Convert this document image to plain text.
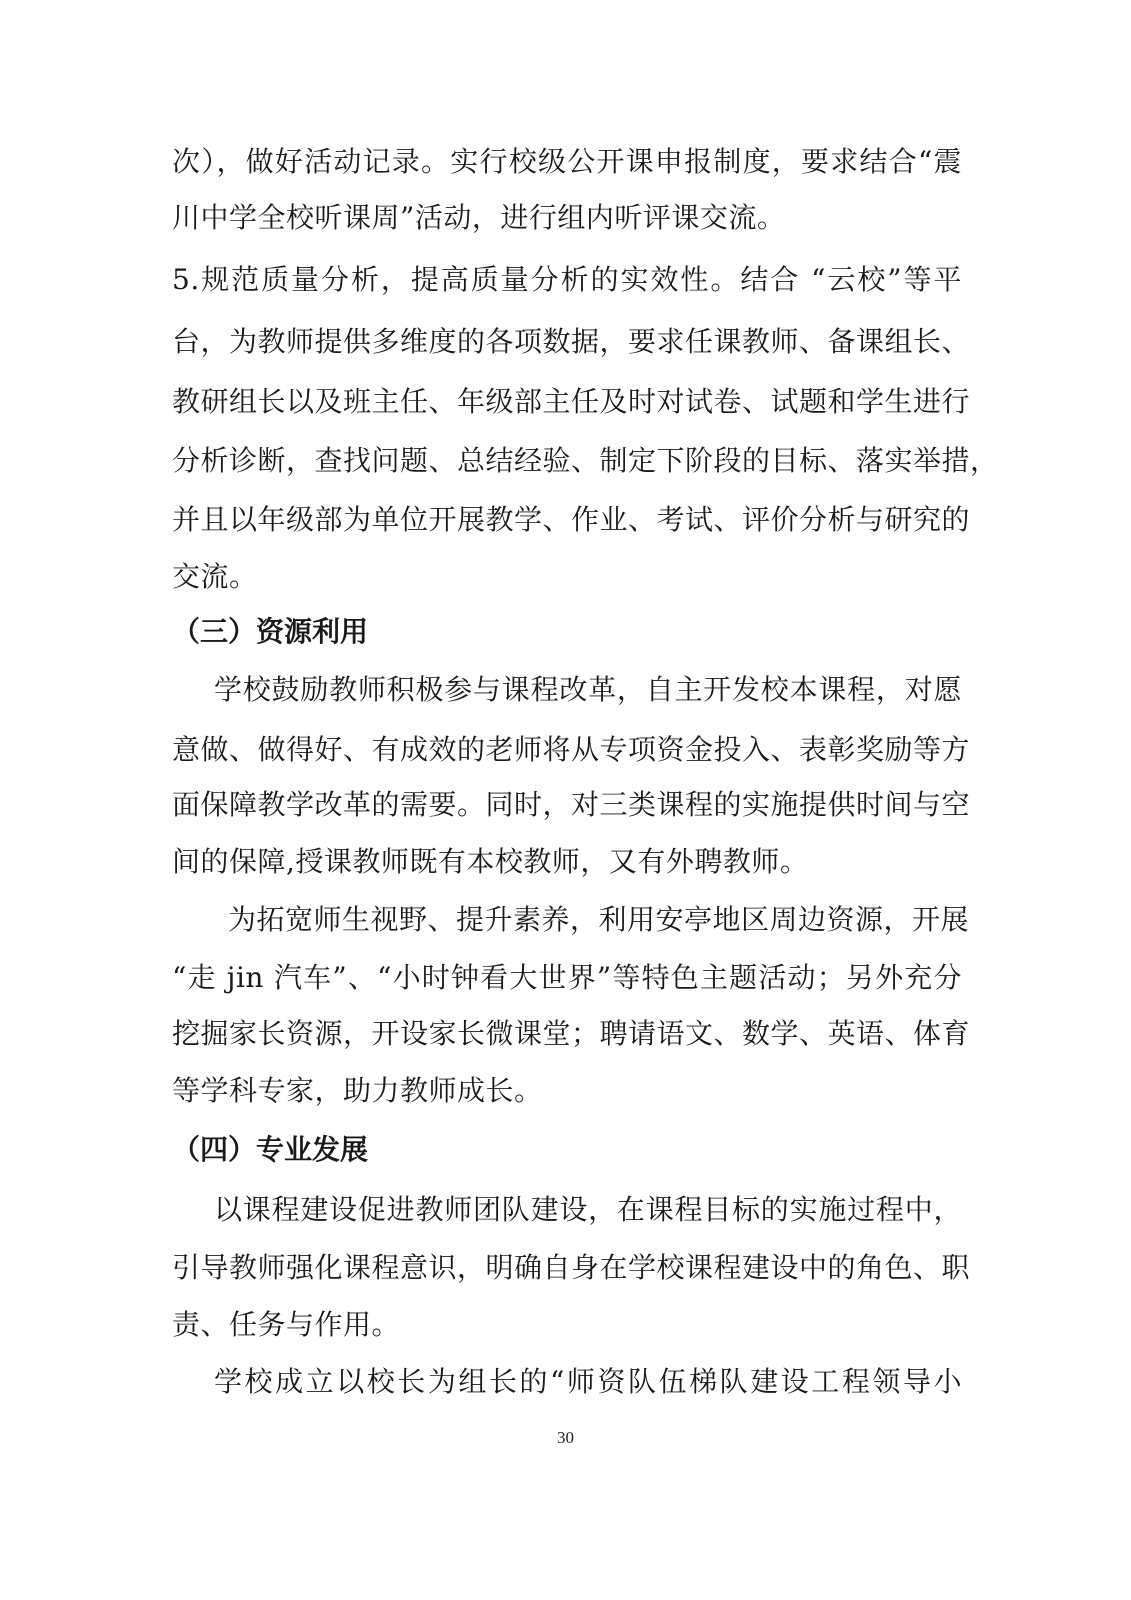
次），做好活动记录。实行校级公开课申报制度，要求结合“震
川中学全校听课周”活动，进行组内听评课交流。
5.规范质量分析，提高质量分析的实效性。结合 “云校”等平
台，为教师提供多维度的各项数据，要求任课教师、备课组长、
教研组长以及班主任、年级部主任及时对试卷、试题和学生进行
分析诊断，查找问题、总结经验、制定下阶段的目标、落实举措，
并且以年级部为单位开展教学、作业、考试、评价分析与研究的
交流。
（三）资源利用
学校鼓励教师积极参与课程改革，自主开发校本课程，对愿
意做、做得好、有成效的老师将从专项资金投入、表彰奖励等方
面保障教学改革的需要。同时，对三类课程的实施提供时间与空
间的保障,授课教师既有本校教师，又有外聘教师。
为拓宽师生视野、提升素养，利用安亭地区周边资源，开展
“走 jin 汽车”、“小时钟看大世界”等特色主题活动；另外充分
挖掘家长资源，开设家长微课堂；聘请语文、数学、英语、体育
等学科专家，助力教师成长。
（四）专业发展
以课程建设促进教师团队建设，在课程目标的实施过程中，
引导教师强化课程意识，明确自身在学校课程建设中的角色、职
责、任务与作用。
学校成立以校长为组长的“师资队伍梯队建设工程领导小
30
